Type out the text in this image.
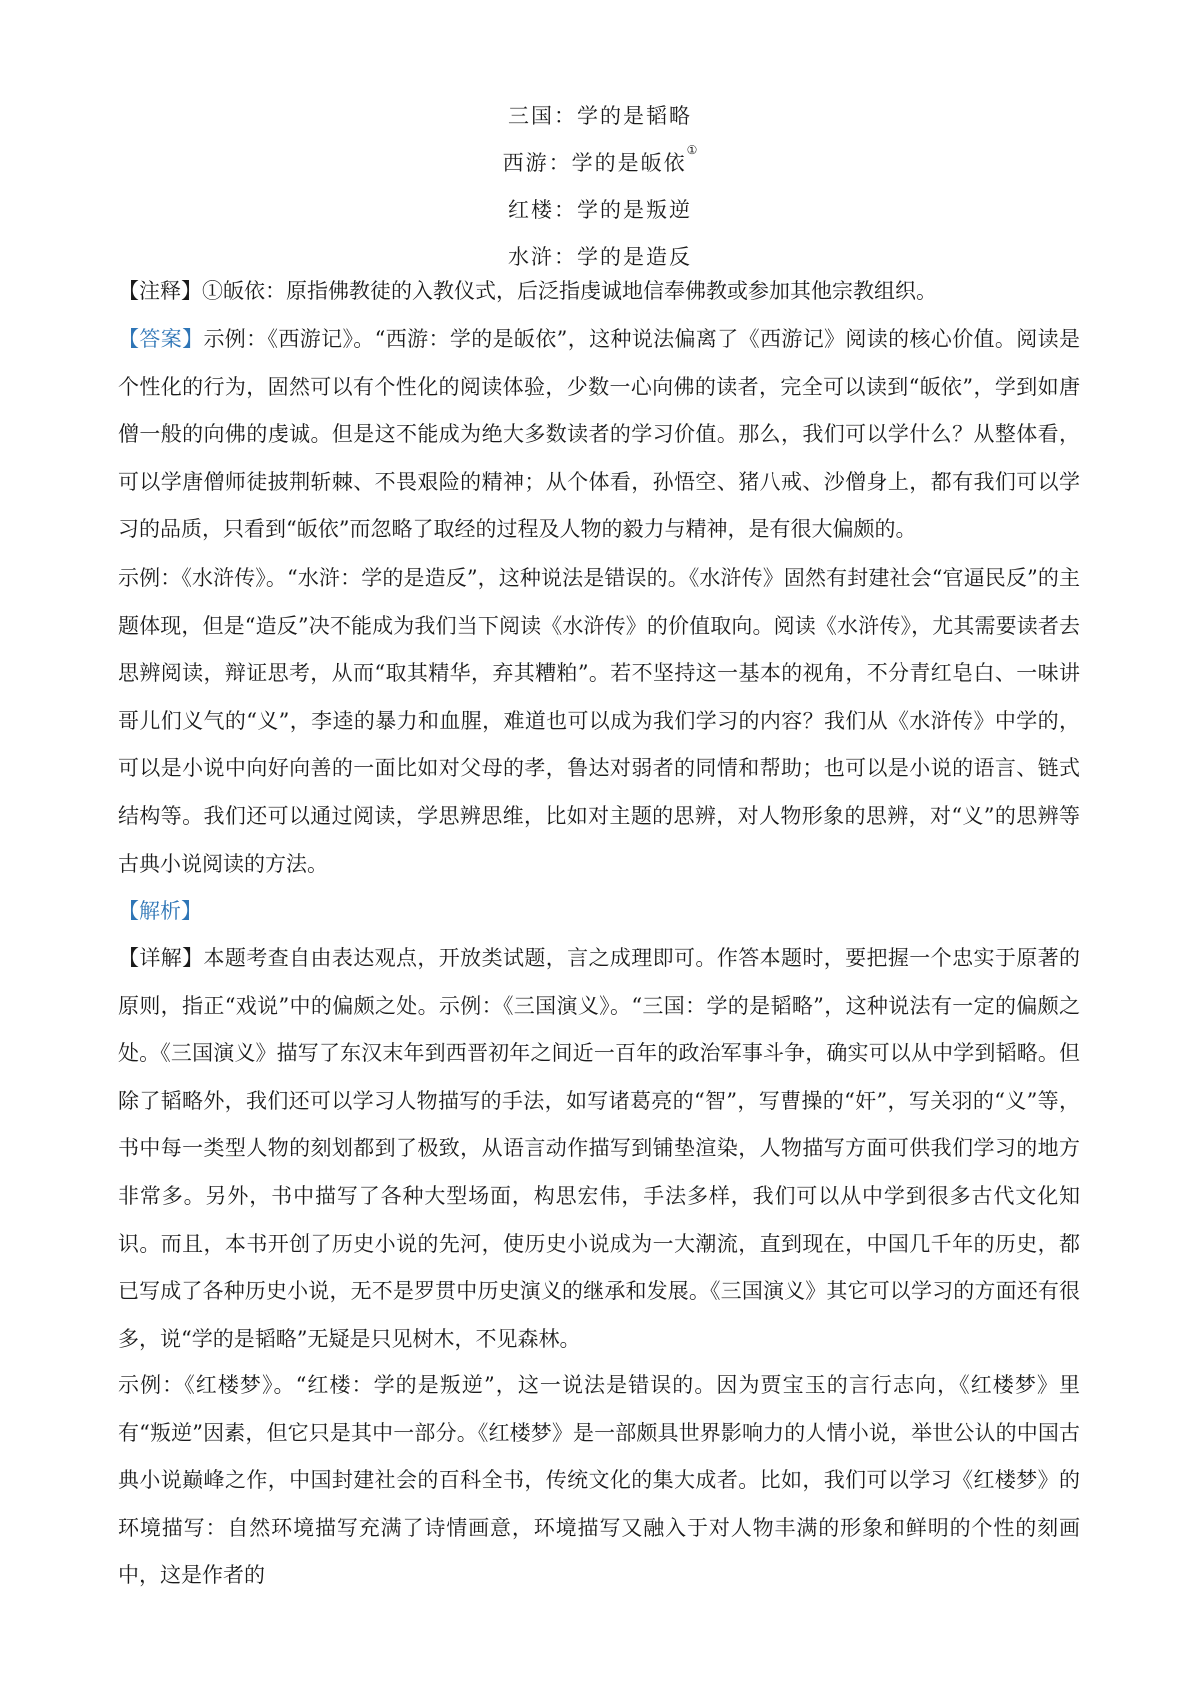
三国：学的是韬略
西游：学的是皈依①
红楼：学的是叛逆
水浒：学的是造反
【注释】①皈依：原指佛教徒的入教仪式，后泛指虔诚地信奉佛教或参加其他宗教组织。
【答案】示例：《西游记》。“西游：学的是皈依”，这种说法偏离了《西游记》阅读的核心价值。阅读是个性化的行为，固然可以有个性化的阅读体验，少数一心向佛的读者，完全可以读到“皈依”，学到如唐僧一般的向佛的虔诚。但是这不能成为绝大多数读者的学习价值。那么，我们可以学什么？从整体看，可以学唐僧师徒披荆斩棘、不畏艰险的精神；从个体看，孙悟空、猪八戒、沙僧身上，都有我们可以学习的品质，只看到“皈依”而忽略了取经的过程及人物的毅力与精神，是有很大偏颇的。
示例：《水浒传》。“水浒：学的是造反”，这种说法是错误的。《水浒传》固然有封建社会“官逼民反”的主题体现，但是“造反”决不能成为我们当下阅读《水浒传》的价值取向。阅读《水浒传》，尤其需要读者去思辨阅读，辩证思考，从而“取其精华，弃其糟粕”。若不坚持这一基本的视角，不分青红皂白、一味讲哥儿们义气的“义”，李逵的暴力和血腥，难道也可以成为我们学习的内容？我们从《水浒传》中学的，可以是小说中向好向善的一面比如对父母的孝，鲁达对弱者的同情和帮助；也可以是小说的语言、链式结构等。我们还可以通过阅读，学思辨思维，比如对主题的思辨，对人物形象的思辨，对“义”的思辨等古典小说阅读的方法。
【解析】
【详解】本题考查自由表达观点，开放类试题，言之成理即可。作答本题时，要把握一个忠实于原著的原则，指正“戏说”中的偏颇之处。示例：《三国演义》。“三国：学的是韬略”，这种说法有一定的偏颇之处。《三国演义》描写了东汉末年到西晋初年之间近一百年的政治军事斗争，确实可以从中学到韬略。但除了韬略外，我们还可以学习人物描写的手法，如写诸葛亮的“智”，写曹操的“奸”，写关羽的“义”等，书中每一类型人物的刻划都到了极致，从语言动作描写到铺垫渲染，人物描写方面可供我们学习的地方非常多。另外，书中描写了各种大型场面，构思宏伟，手法多样，我们可以从中学到很多古代文化知识。而且，本书开创了历史小说的先河，使历史小说成为一大潮流，直到现在，中国几千年的历史，都已写成了各种历史小说，无不是罗贯中历史演义的继承和发展。《三国演义》其它可以学习的方面还有很多，说“学的是韬略”无疑是只见树木，不见森林。
示例：《红楼梦》。“红楼：学的是叛逆”，这一说法是错误的。因为贾宝玉的言行志向，《红楼梦》里有“叛逆”因素，但它只是其中一部分。《红楼梦》是一部颇具世界影响力的人情小说，举世公认的中国古典小说巅峰之作，中国封建社会的百科全书，传统文化的集大成者。比如，我们可以学习《红楼梦》的环境描写：自然环境描写充满了诗情画意，环境描写又融入于对人物丰满的形象和鲜明的个性的刻画中，这是作者的
